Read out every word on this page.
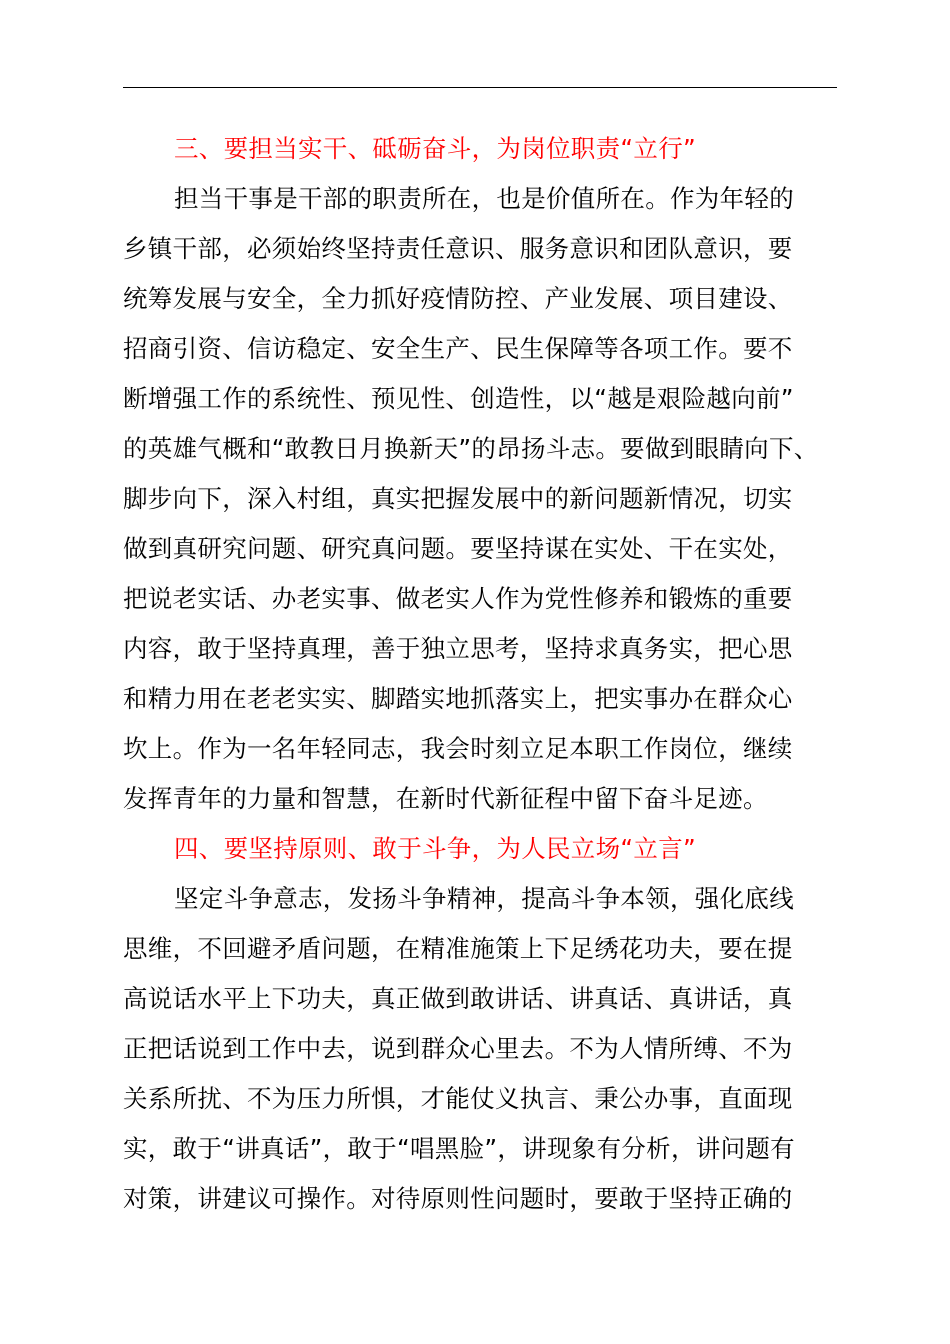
三、要担当实干、砥砺奋斗，为岗位职责“立行”
担当干事是干部的职责所在，也是价值所在。作为年轻的
乡镇干部，必须始终坚持责任意识、服务意识和团队意识，要
统筹发展与安全，全力抓好疫情防控、产业发展、项目建设、
招商引资、信访稳定、安全生产、民生保障等各项工作。要不
断增强工作的系统性、预见性、创造性，以“越是艰险越向前”
的英雄气概和“敢教日月换新天”的昂扬斗志。要做到眼睛向下、
脚步向下，深入村组，真实把握发展中的新问题新情况，切实
做到真研究问题、研究真问题。要坚持谋在实处、干在实处，
把说老实话、办老实事、做老实人作为党性修养和锻炼的重要
内容，敢于坚持真理，善于独立思考，坚持求真务实，把心思
和精力用在老老实实、脚踏实地抓落实上，把实事办在群众心
坎上。作为一名年轻同志，我会时刻立足本职工作岗位，继续
发挥青年的力量和智慧，在新时代新征程中留下奋斗足迹。
四、要坚持原则、敢于斗争，为人民立场“立言”
坚定斗争意志，发扬斗争精神，提高斗争本领，强化底线
思维，不回避矛盾问题，在精准施策上下足绣花功夫，要在提
高说话水平上下功夫，真正做到敢讲话、讲真话、真讲话，真
正把话说到工作中去，说到群众心里去。不为人情所缚、不为
关系所扰、不为压力所惧，才能仗义执言、秉公办事，直面现
实，敢于“讲真话”，敢于“唱黑脸”，讲现象有分析，讲问题有
对策，讲建议可操作。对待原则性问题时，要敢于坚持正确的
